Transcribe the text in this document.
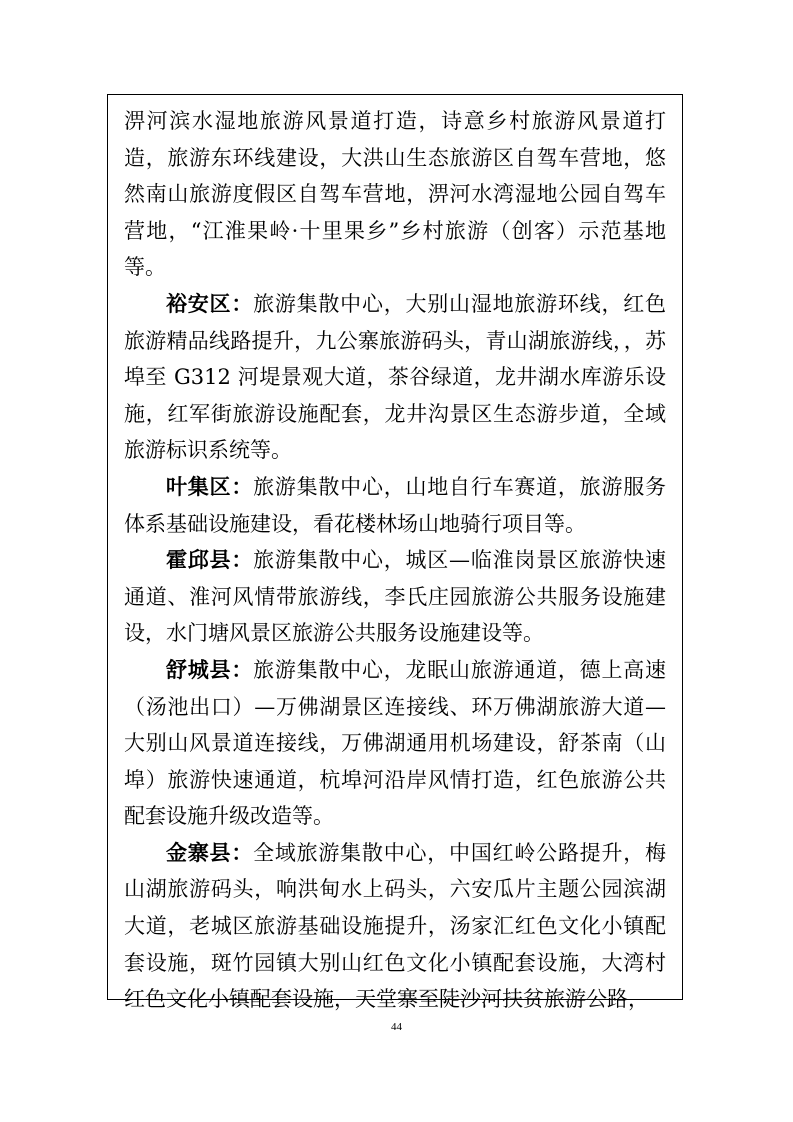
淠河滨水湿地旅游风景道打造，诗意乡村旅游风景道打造，旅游东环线建设，大洪山生态旅游区自驾车营地，悠然南山旅游度假区自驾车营地，淠河水湾湿地公园自驾车营地，“江淮果岭·十里果乡”乡村旅游（创客）示范基地等。

裕安区：旅游集散中心，大别山湿地旅游环线，红色旅游精品线路提升，九公寨旅游码头，青山湖旅游线，，苏埠至 G312 河堤景观大道，茶谷绿道，龙井湖水库游乐设施，红军街旅游设施配套，龙井沟景区生态游步道，全域旅游标识系统等。

叶集区：旅游集散中心，山地自行车赛道，旅游服务体系基础设施建设，看花楼林场山地骑行项目等。

霍邱县：旅游集散中心，城区—临淮岗景区旅游快速通道、淮河风情带旅游线，李氏庄园旅游公共服务设施建设，水门塘风景区旅游公共服务设施建设等。

舒城县：旅游集散中心，龙眠山旅游通道，德上高速（汤池出口）—万佛湖景区连接线、环万佛湖旅游大道—大别山风景道连接线，万佛湖通用机场建设，舒茶南（山埠）旅游快速通道，杭埠河沿岸风情打造，红色旅游公共配套设施升级改造等。

金寨县：全域旅游集散中心，中国红岭公路提升，梅山湖旅游码头，响洪甸水上码头，六安瓜片主题公园滨湖大道，老城区旅游基础设施提升，汤家汇红色文化小镇配套设施，斑竹园镇大别山红色文化小镇配套设施，大湾村红色文化小镇配套设施，天堂寨至陡沙河扶贫旅游公路，

44
